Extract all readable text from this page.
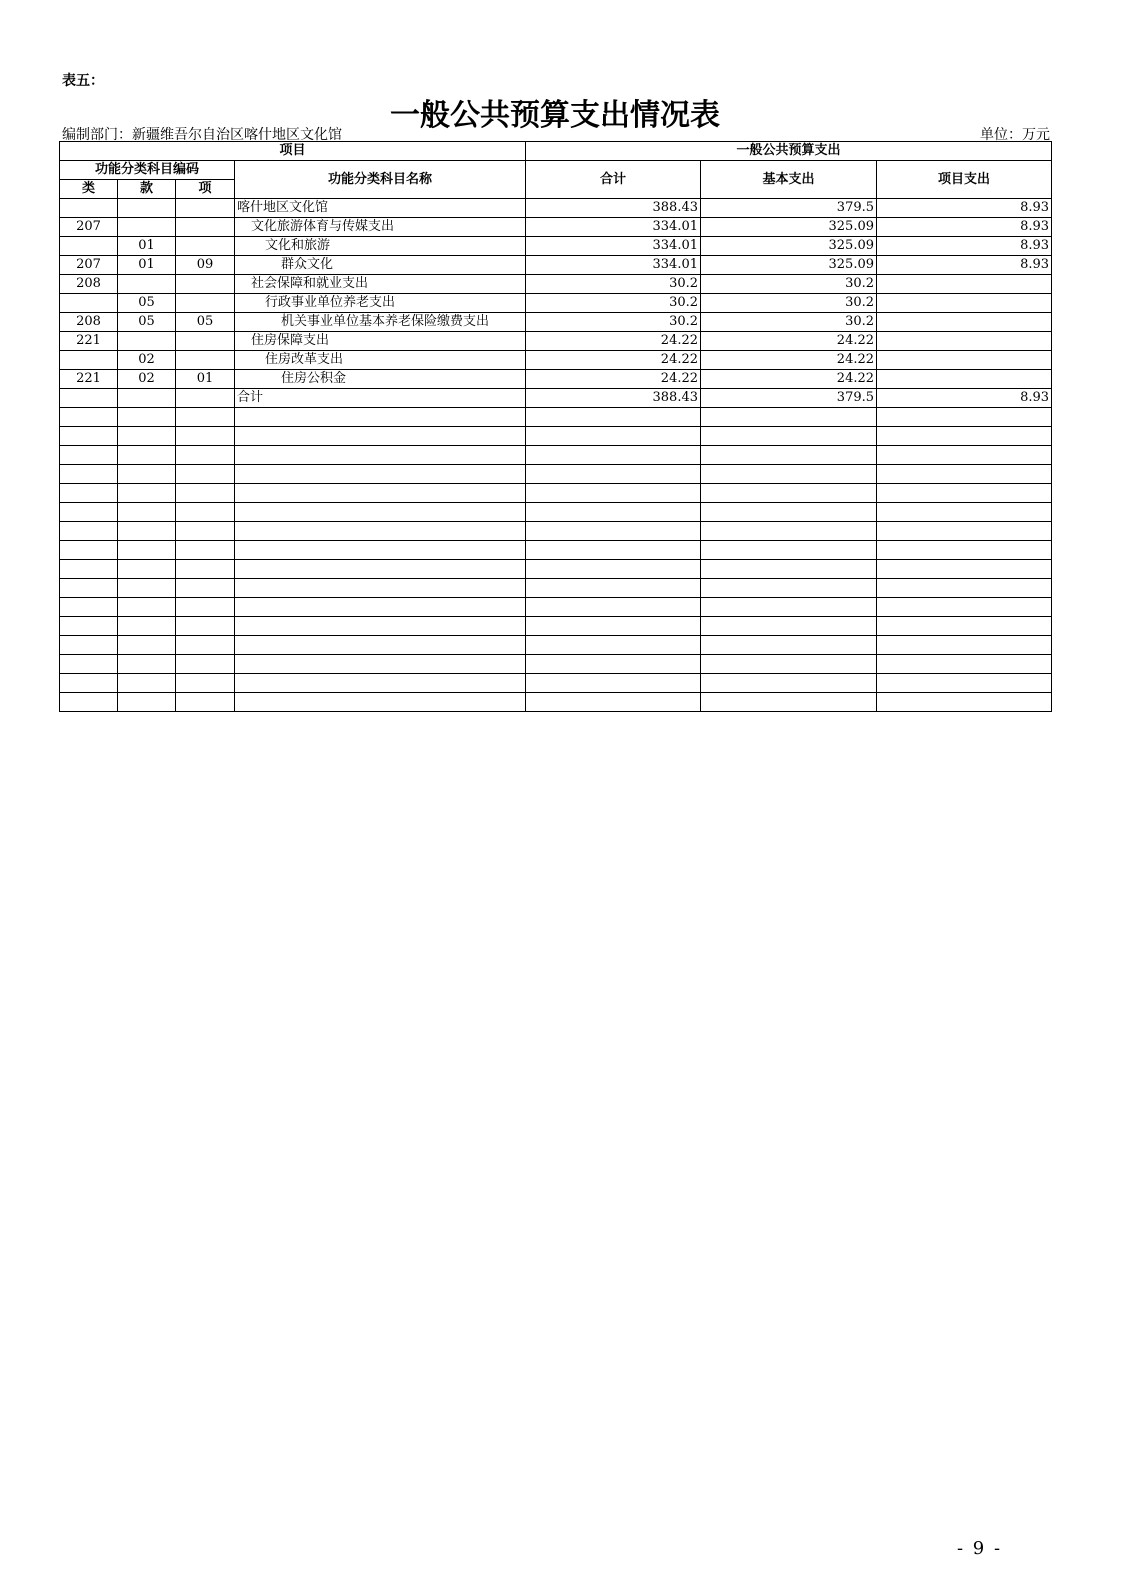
表五：
一般公共预算支出情况表
编制部门：新疆维吾尔自治区喀什地区文化馆	单位：万元
项目				一般公共预算支出		
功能分类科目编码			功能分类科目名称	合计	基本支出	项目支出
类	款	项				
			喀什地区文化馆	388.43	379.5	8.93
207			文化旅游体育与传媒支出	334.01	325.09	8.93
	01		文化和旅游	334.01	325.09	8.93
207	01	09	群众文化	334.01	325.09	8.93
208			社会保障和就业支出	30.2	30.2	
	05		行政事业单位养老支出	30.2	30.2	
208	05	05	机关事业单位基本养老保险缴费支出	30.2	30.2	
221			住房保障支出	24.22	24.22	
	02		住房改革支出	24.22	24.22	
221	02	01	住房公积金	24.22	24.22	
			合计	388.43	379.5	8.93

- 9 -
